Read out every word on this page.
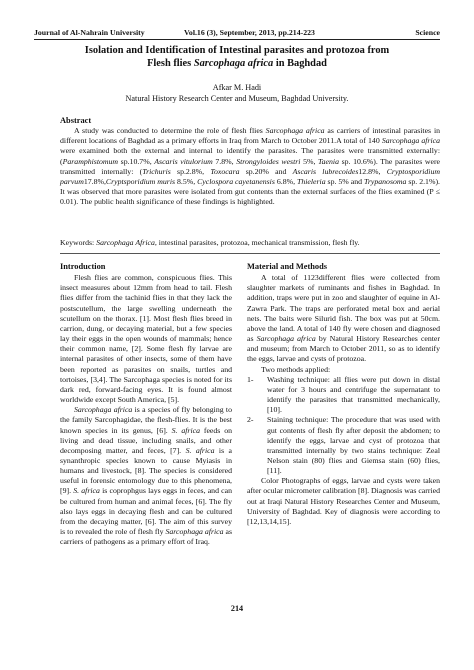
Journal of Al-Nahrain University	Vol.16 (3), September, 2013, pp.214-223	Science
Isolation and Identification of Intestinal parasites and protozoa from
Flesh flies Sarcophaga africa in Baghdad
Afkar M. Hadi
Natural History Research Center and Museum, Baghdad University.
Abstract

A study was conducted to determine the role of flesh flies Sarcophaga africa as carriers of intestinal parasites in different locations of Baghdad as a primary efforts in Iraq from March to October 2011.A total of 140 Sarcophaga africa were examined both the external and internal to identify the parasites. The parasites were transmitted externally: (Paramphistomum sp.10.7%, Ascaris vitulorium 7.8%, Strongyloides westri 5%, Taenia sp. 10.6%). The parasites were transmitted internally: (Trichuris sp.2.8%, Toxocara sp.20% and Ascaris lubrecoides12.8%, Cryptosporidium parvum17.8%,Cryptsporidium muris 8.5%, Cyclospora cayetanensis 6.8%, Thieleria sp. 5% and Trypanosoma sp. 2.1%). It was observed that more parasites were isolated from gut contents than the external surfaces of the flies examined (P ≤ 0.01). The public health significance of these findings is highlighted.

Keywords: Sarcophaga Africa, intestinal parasites, protozoa, mechanical transmission, flesh fly.
Introduction

Flesh flies are common, conspicuous flies. This insect measures about 12mm from head to tail. Flesh flies differ from the tachinid flies in that they lack the postscutellum, the large swelling underneath the scutellum on the thorax. [1]. Most flesh flies breed in carrion, dung, or decaying material, but a few species lay their eggs in the open wounds of mammals; hence their common name, [2]. Some flesh fly larvae are internal parasites of other insects, some of them have been reported as parasites on snails, turtles and tortoises, [3,4]. The Sarcophaga species is noted for its dark red, forward-facing eyes. It is found almost worldwide except South America, [5].

Sarcophaga africa is a species of fly belonging to the family Sarcophagidae, the flesh-flies. It is the best known species in its genus, [6]. S. africa feeds on living and dead tissue, including snails, and other decomposing matter, and feces, [7]. S. africa is a synanthropic species known to cause Myiasis in humans and livestock, [8]. The species is considered useful in forensic entomology due to this phenomena, [9]. S. africa is coprophgus lays eggs in feces, and can be cultured from human and animal feces, [6]. The fly also lays eggs in decaying flesh and can be cultured from the decaying matter, [6]. The aim of this survey is to revealed the role of flesh fly Sarcophaga africa as carriers of pathogens as a primary effort of Iraq.

Material and Methods

A total of 1123different flies were collected from slaughter markets of ruminants and fishes in Baghdad. In addition, traps were put in zoo and slaughter of equine in Al-Zawra Park. The traps are perforated metal box and aerial nets. The baits were Silurid fish. The box was put at 50cm. above the land. A total of 140 fly were chosen and diagnosed as Sarcophaga africa by Natural History Researches center and museum; from March to October 2011, so as to identify the eggs, larvae and cysts of protozoa.

Two methods applied:

1-	Washing technique: all flies were put down in distal water for 3 hours and centrifuge the supernatant to identify the parasites that transmitted mechanically, [10].
2-	Staining technique: The procedure that was used with gut contents of flesh fly after deposit the abdomen; to identify the eggs, larvae and cyst of protozoa that transmitted internally by two stains technique: Zeal Nelson stain (80) flies and Giemsa stain (60) flies, [11].

Color Photographs of eggs, larvae and cysts were taken after ocular micrometer calibration [8]. Diagnosis was carried out at Iraqi Natural History Researches Center and Museum, University of Baghdad. Key of diagnosis were according to [12,13,14,15].

214
